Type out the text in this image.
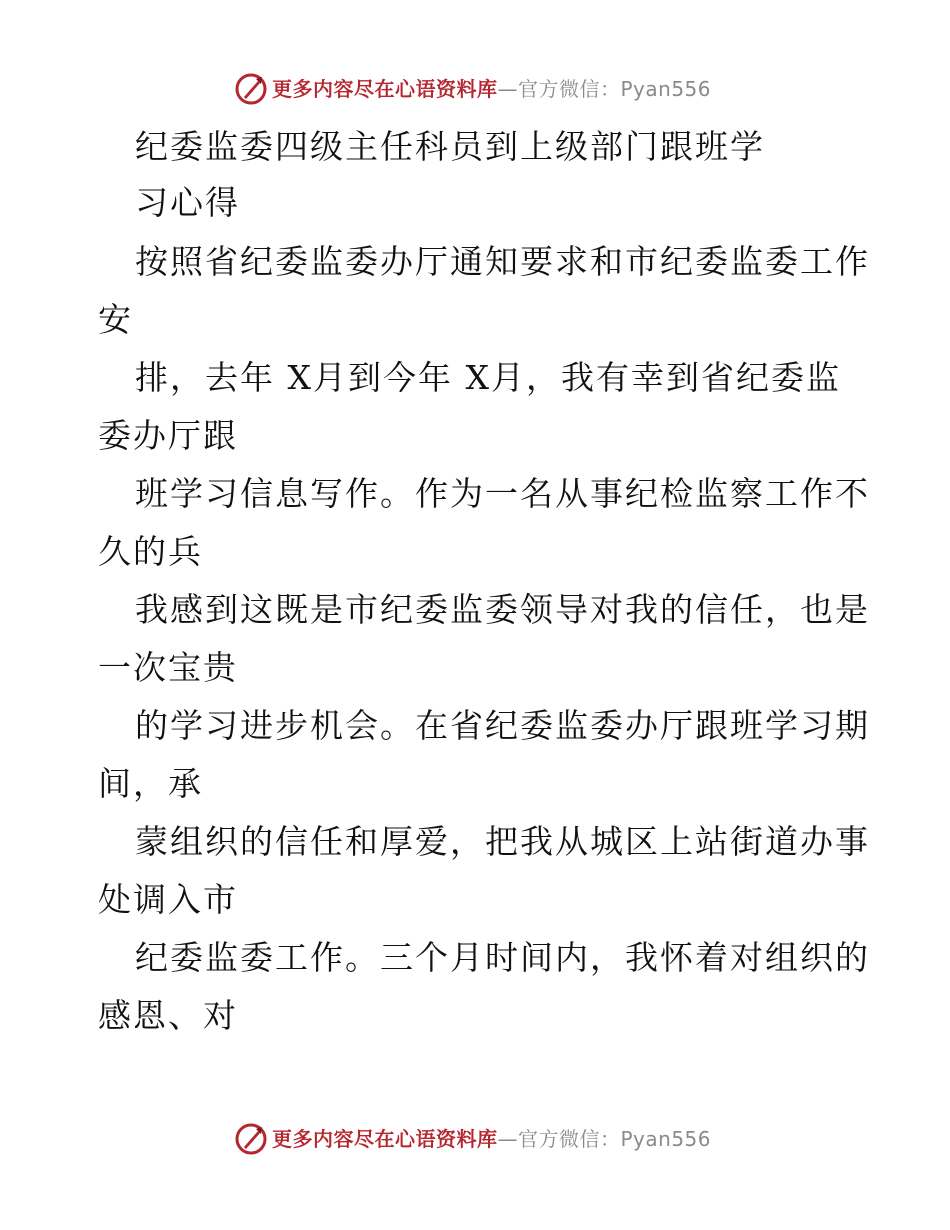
更多内容尽在心语资料库—官方微信：Pyan556
纪委监委四级主任科员到上级部门跟班学
习心得
按照省纪委监委办厅通知要求和市纪委监委工作
安
排，去年 X月到今年 X月，我有幸到省纪委监
委办厅跟
班学习信息写作。作为一名从事纪检监察工作不
久的兵
我感到这既是市纪委监委领导对我的信任，也是
一次宝贵
的学习进步机会。在省纪委监委办厅跟班学习期
间，承
蒙组织的信任和厚爱，把我从城区上站街道办事
处调入市
纪委监委工作。三个月时间内，我怀着对组织的
感恩、对
更多内容尽在心语资料库—官方微信：Pyan556
